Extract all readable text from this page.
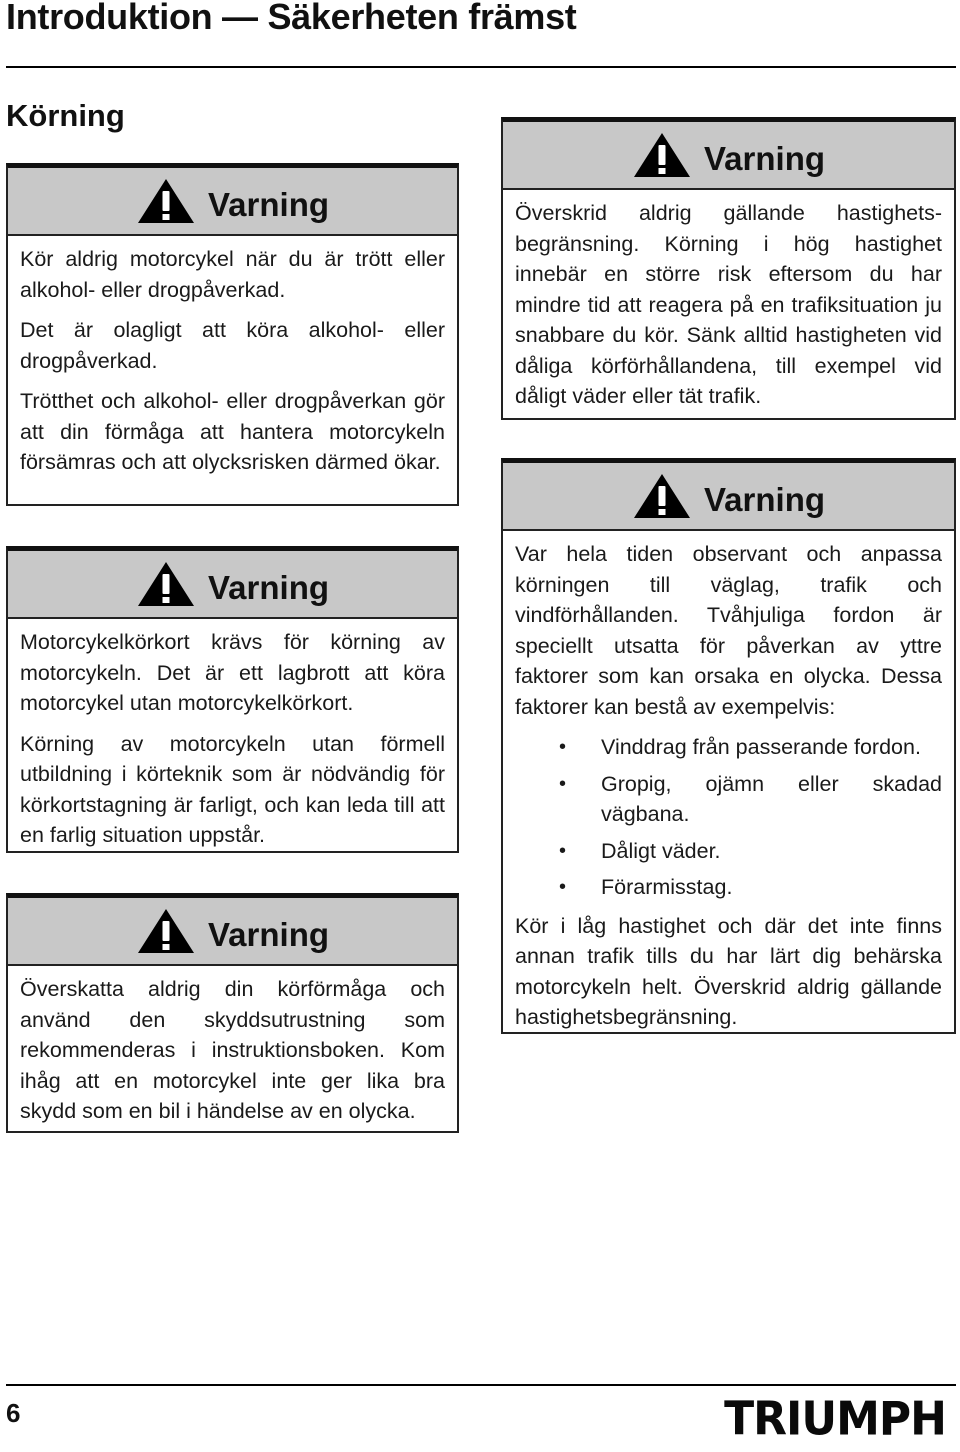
Introduktion — Säkerheten främst
Körning
Varning

Kör aldrig motorcykel när du är trött eller alkohol- eller drogpåverkad.

Det är olagligt att köra alkohol- eller drogpåverkad.

Trötthet och alkohol- eller drogpåverkan gör att din förmåga att hantera motorcykeln försämras och att olycksrisken därmed ökar.

Varning

Motorcykelkörkort krävs för körning av motorcykeln. Det är ett lagbrott att köra motorcykel utan motorcykelkörkort.

Körning av motorcykeln utan förmell utbildning i körteknik som är nödvändig för körkortstagning är farligt, och kan leda till att en farlig situation uppstår.

Varning

Överskatta aldrig din körförmåga och använd den skyddsutrustning som rekommenderas i instruktionsboken. Kom ihåg att en motorcykel inte ger lika bra skydd som en bil i händelse av en olycka.

Varning

Överskrid aldrig gällande hastighets-begränsning. Körning i hög hastighet innebär en större risk eftersom du har mindre tid att reagera på en trafiksituation ju snabbare du kör. Sänk alltid hastigheten vid dåliga körförhållandena, till exempel vid dåligt väder eller tät trafik.

Varning

Var hela tiden observant och anpassa körningen till väglag, trafik och vindförhållanden. Tvåhjuliga fordon är speciellt utsatta för påverkan av yttre faktorer som kan orsaka en olycka. Dessa faktorer kan bestå av exempelvis:

• Vinddrag från passerande fordon.
• Gropig, ojämn eller skadad vägbana.
• Dåligt väder.
• Förarmisstag.

Kör i låg hastighet och där det inte finns annan trafik tills du har lärt dig behärska motorcykeln helt. Överskrid aldrig gällande hastighetsbegränsning.

6	TRIUMPH
